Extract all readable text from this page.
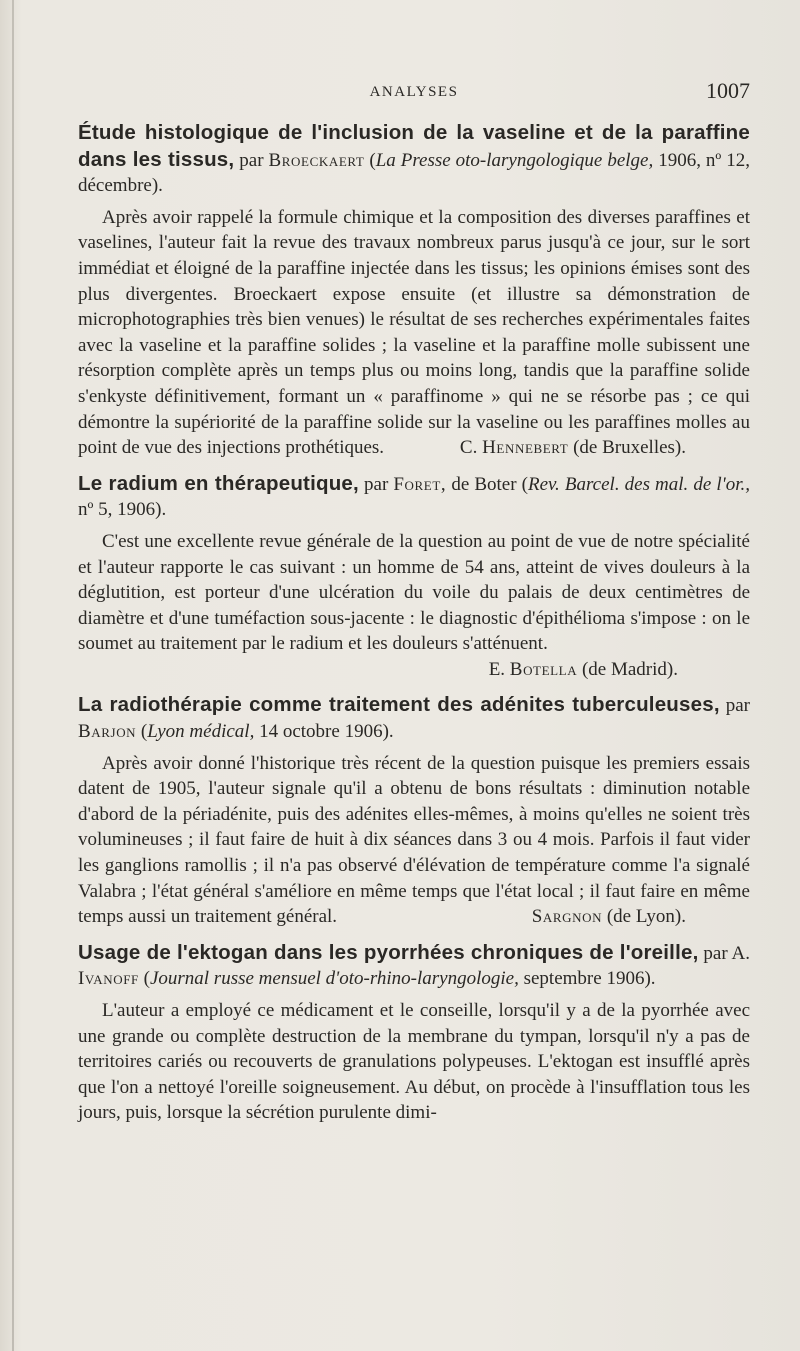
ANALYSES	1007

Étude histologique de l'inclusion de la vaseline et de la paraffine dans les tissus, par Broeckaert (La Presse oto-laryngologique belge, 1906, nº 12, décembre).

Après avoir rappelé la formule chimique et la composition des diverses paraffines et vaselines, l'auteur fait la revue des travaux nombreux parus jusqu'à ce jour, sur le sort immédiat et éloigné de la paraffine injectée dans les tissus; les opinions émises sont des plus divergentes. Broeckaert expose ensuite (et illustre sa démonstration de microphotographies très bien venues) le résultat de ses recherches expérimentales faites avec la vaseline et la paraffine solides ; la vaseline et la paraffine molle subissent une résorption complète après un temps plus ou moins long, tandis que la paraffine solide s'enkyste définitivement, formant un « paraffinome » qui ne se résorbe pas ; ce qui démontre la supériorité de la paraffine solide sur la vaseline ou les paraffines molles au point de vue des injections prothétiques.	C. Hennebert (de Bruxelles).

Le radium en thérapeutique, par Foret, de Boter (Rev. Barcel. des mal. de l'or., nº 5, 1906).

C'est une excellente revue générale de la question au point de vue de notre spécialité et l'auteur rapporte le cas suivant : un homme de 54 ans, atteint de vives douleurs à la déglutition, est porteur d'une ulcération du voile du palais de deux centimètres de diamètre et d'une tuméfaction sous-jacente : le diagnostic d'épithélioma s'impose : on le soumet au traitement par le radium et les douleurs s'atténuent.

E. Botella (de Madrid).

La radiothérapie comme traitement des adénites tuberculeuses, par Barjon (Lyon médical, 14 octobre 1906).

Après avoir donné l'historique très récent de la question puisque les premiers essais datent de 1905, l'auteur signale qu'il a obtenu de bons résultats : diminution notable d'abord de la périadénite, puis des adénites elles-mêmes, à moins qu'elles ne soient très volumineuses ; il faut faire de huit à dix séances dans 3 ou 4 mois. Parfois il faut vider les ganglions ramollis ; il n'a pas observé d'élévation de température comme l'a signalé Valabra ; l'état général s'améliore en même temps que l'état local ; il faut faire en même temps aussi un traitement général.	Sargnon (de Lyon).

Usage de l'ektogan dans les pyorrhées chroniques de l'oreille, par A. Ivanoff (Journal russe mensuel d'oto-rhino-laryngologie, septembre 1906).

L'auteur a employé ce médicament et le conseille, lorsqu'il y a de la pyorrhée avec une grande ou complète destruction de la membrane du tympan, lorsqu'il n'y a pas de territoires cariés ou recouverts de granulations polypeuses. L'ektogan est insufflé après que l'on a nettoyé l'oreille soigneusement. Au début, on procède à l'insufflation tous les jours, puis, lorsque la sécrétion purulente dimi-
